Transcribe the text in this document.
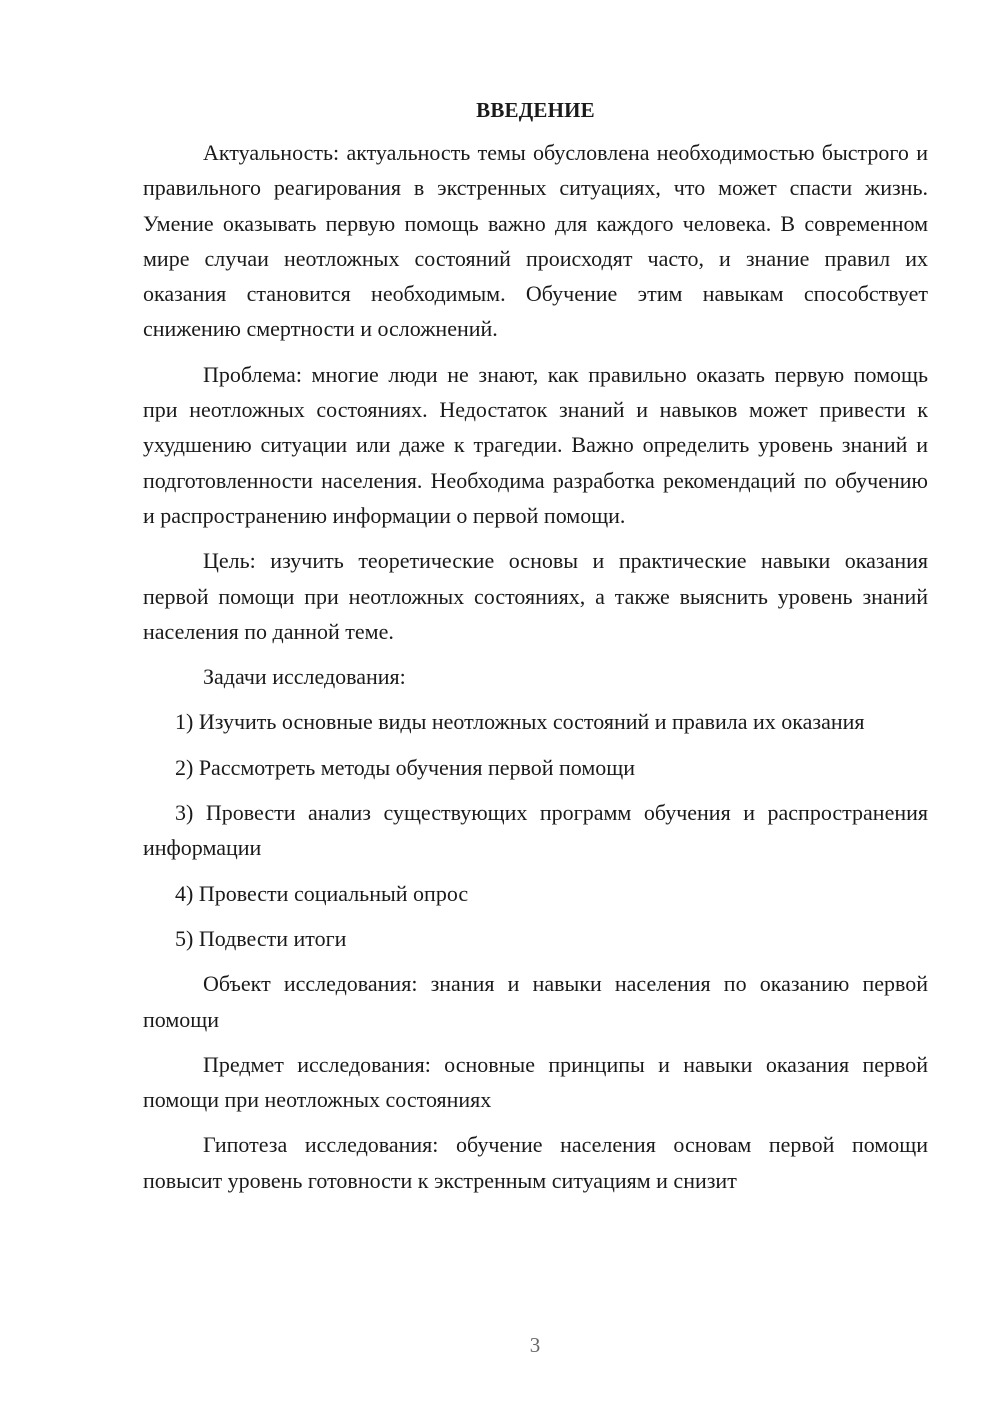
ВВЕДЕНИЕ

Актуальность: актуальность темы обусловлена необходимостью быстрого и правильного реагирования в экстренных ситуациях, что может спасти жизнь. Умение оказывать первую помощь важно для каждого человека. В современном мире случаи неотложных состояний происходят часто, и знание правил их оказания становится необходимым. Обучение этим навыкам способствует снижению смертности и осложнений.

Проблема: многие люди не знают, как правильно оказать первую помощь при неотложных состояниях. Недостаток знаний и навыков может привести к ухудшению ситуации или даже к трагедии. Важно определить уровень знаний и подготовленности населения. Необходима разработка рекомендаций по обучению и распространению информации о первой помощи.

Цель: изучить теоретические основы и практические навыки оказания первой помощи при неотложных состояниях, а также выяснить уровень знаний населения по данной теме.

Задачи исследования:

1) Изучить основные виды неотложных состояний и правила их оказания

2) Рассмотреть методы обучения первой помощи

3) Провести анализ существующих программ обучения и распространения информации

4) Провести социальный опрос

5) Подвести итоги

Объект исследования: знания и навыки населения по оказанию первой помощи

Предмет исследования: основные принципы и навыки оказания первой помощи при неотложных состояниях

Гипотеза исследования: обучение населения основам первой помощи повысит уровень готовности к экстренным ситуациям и снизит

3
